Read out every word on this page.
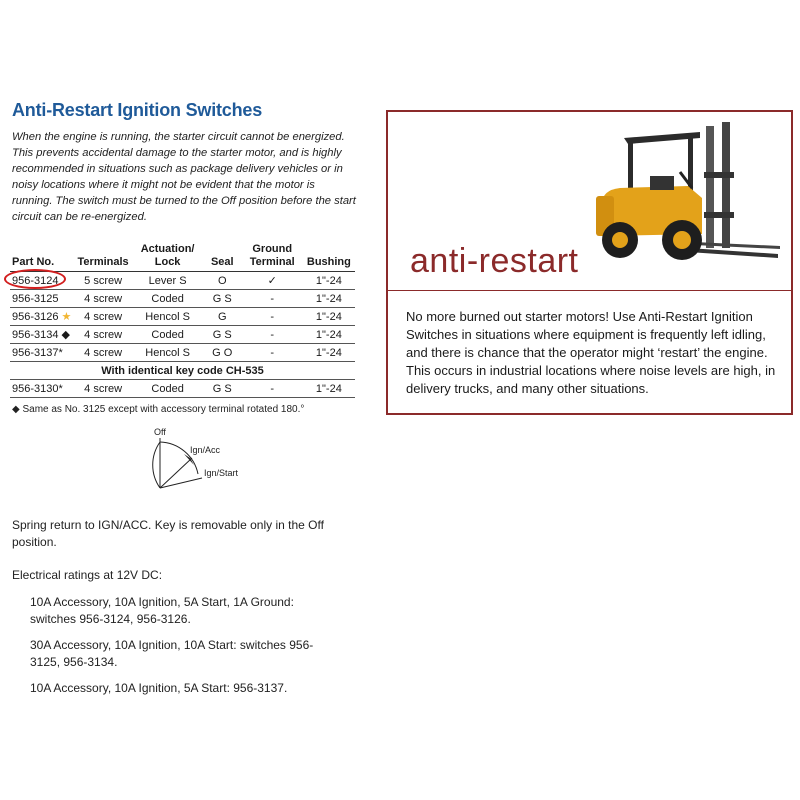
Anti-Restart Ignition Switches

When the engine is running, the starter circuit cannot be energized. This prevents accidental damage to the starter motor, and is highly recommended in situations such as package delivery vehicles or in noisy locations where it might not be evident that the motor is running. The switch must be turned to the Off position before the start circuit can be re-energized.

Part No.	Terminals	Actuation/ Lock	Seal	Ground Terminal	Bushing
956-3124	5 screw	Lever S	O	✓	1"-24
956-3125	4 screw	Coded	G S	-	1"-24
956-3126 ★	4 screw	Hencol S	G	-	1"-24
956-3134 ◆	4 screw	Coded	G S	-	1"-24
956-3137*	4 screw	Hencol S	G O	-	1"-24
With identical key code CH-535					
956-3130*	4 screw	Coded	G S	-	1"-24
◆ Same as No. 3125 except with accessory terminal rotated 180.°
Off
Ign/Acc
Ign/Start

Spring return to IGN/ACC. Key is removable only in the Off position.

Electrical ratings at 12V DC:

10A Accessory, 10A Ignition, 5A Start, 1A Ground: switches 956-3124, 956-3126.

30A Accessory, 10A Ignition, 10A Start: switches 956-3125, 956-3134.

10A Accessory, 10A Ignition, 5A Start: 956-3137.

anti-restart
No more burned out starter motors! Use Anti-Restart Ignition Switches in situations where equipment is frequently left idling, and there is chance that the operator might ‘restart’ the engine. This occurs in industrial locations where noise levels are high, in delivery trucks, and many other situations.
